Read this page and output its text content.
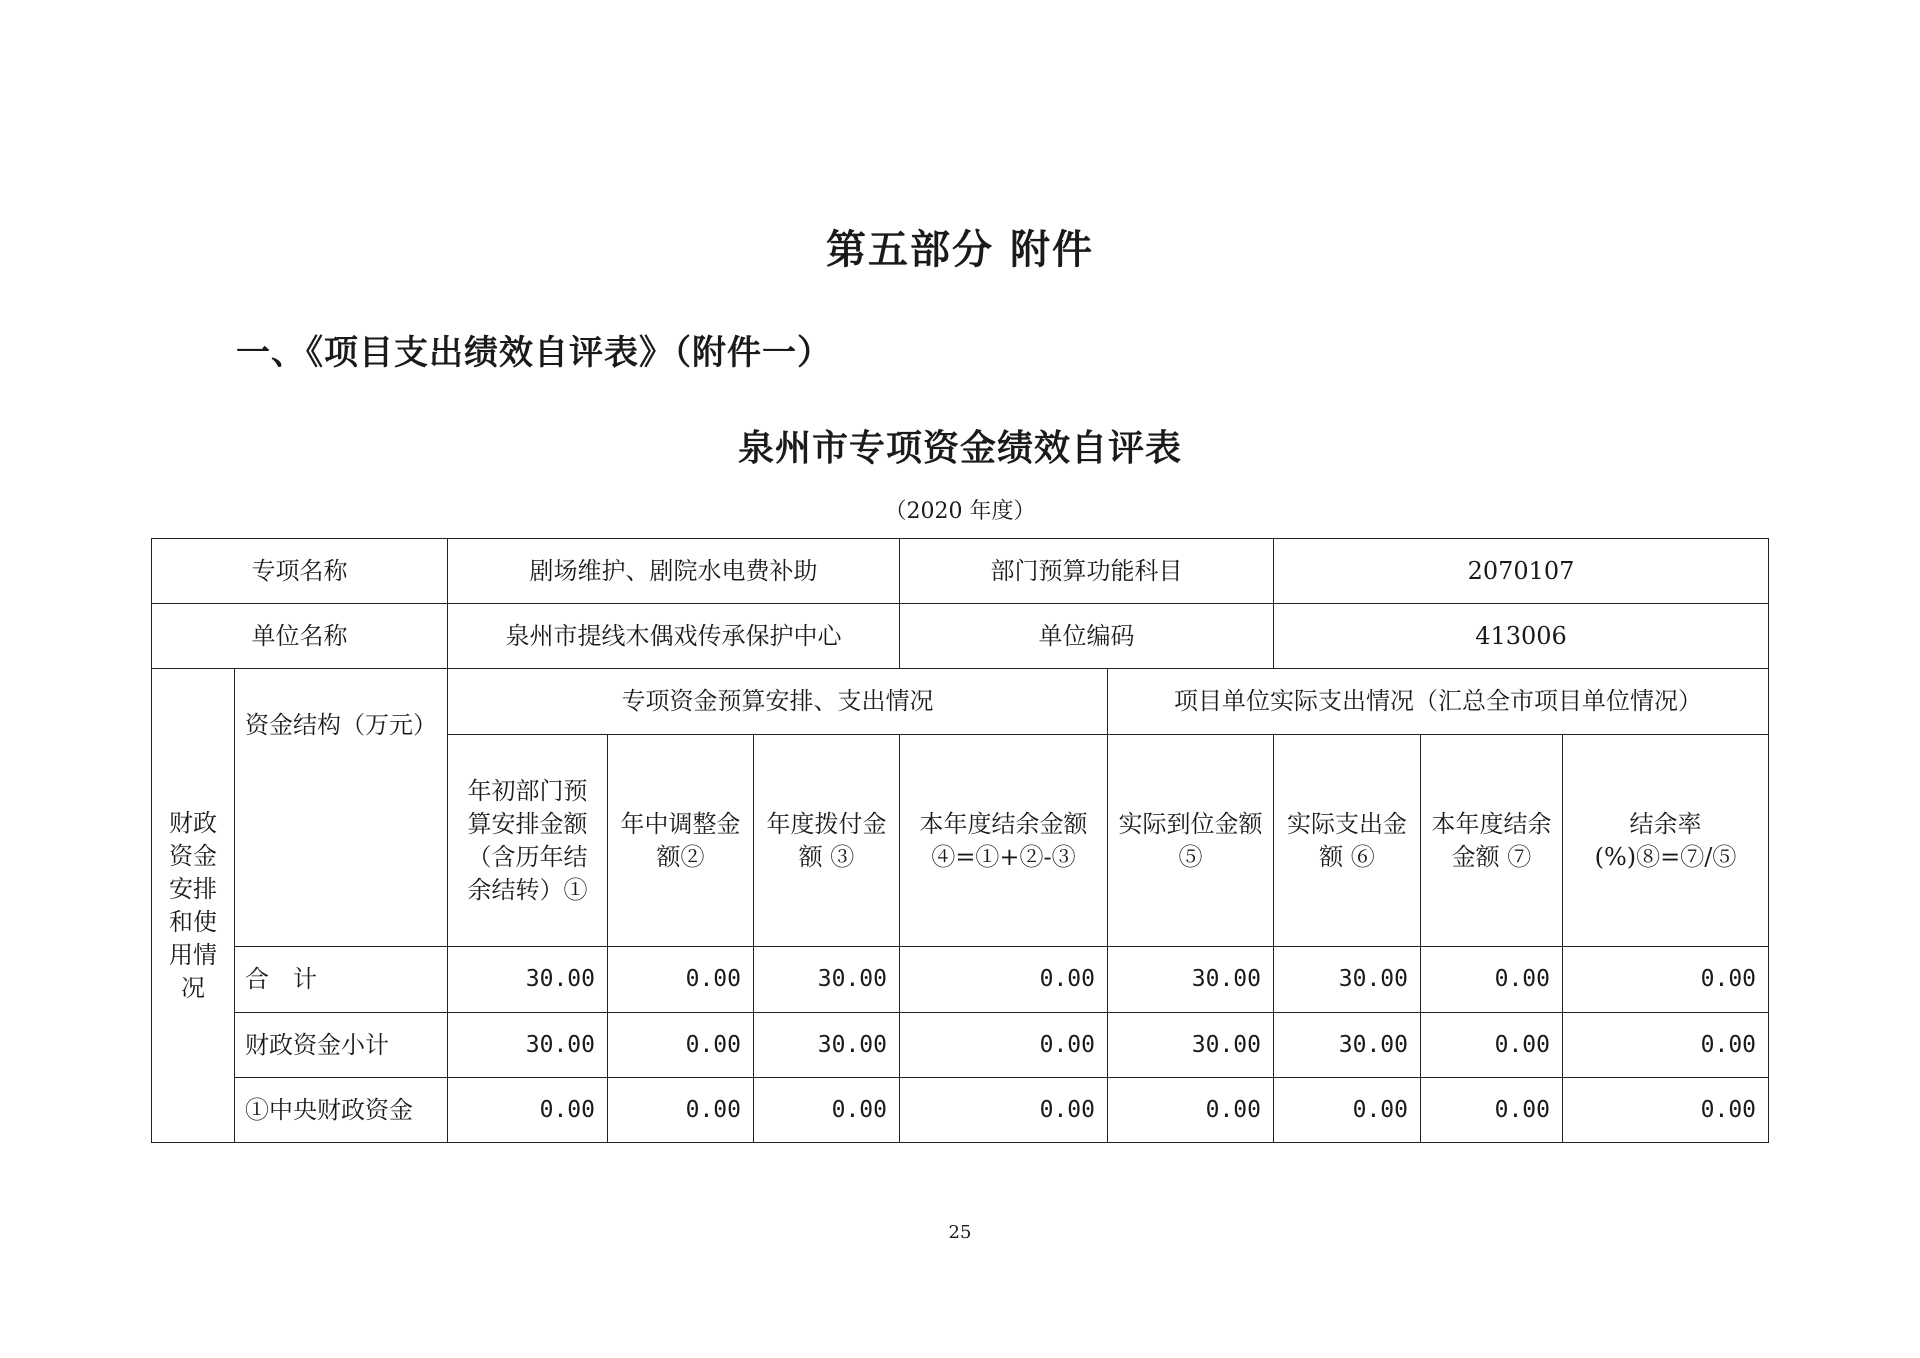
第五部分 附件
一、《项目支出绩效自评表》（附件一）
泉州市专项资金绩效自评表
（2020 年度）
专项名称		剧场维护、剧院水电费补助			部门预算功能科目		2070107		
单位名称		泉州市提线木偶戏传承保护中心			单位编码		413006		
财政资金安排和使用情况	资金结构（万元）	专项资金预算安排、支出情况				项目单位实际支出情况（汇总全市项目单位情况）			
		年初部门预算安排金额（含历年结余结转）①	年中调整金额②	年度拨付金额 ③	本年度结余金额④=①+②-③	实际到位金额 ⑤	实际支出金额 ⑥	本年度结余金额 ⑦	结余率(%)⑧=⑦/⑤
	合　计	30.00	0.00	30.00	0.00	30.00	30.00	0.00	0.00
	财政资金小计	30.00	0.00	30.00	0.00	30.00	30.00	0.00	0.00
	①中央财政资金	0.00	0.00	0.00	0.00	0.00	0.00	0.00	0.00
25
